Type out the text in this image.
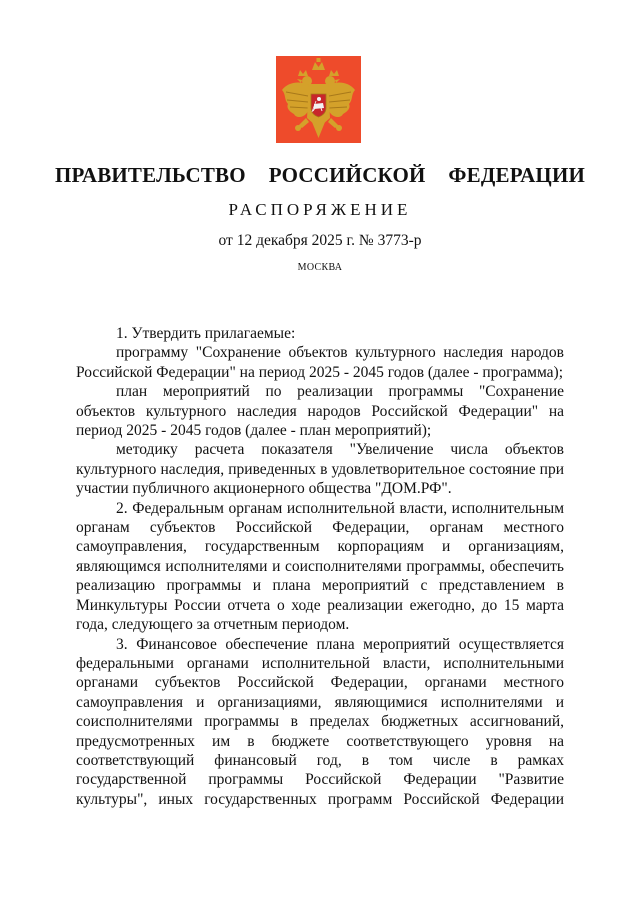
ПРАВИТЕЛЬСТВО  РОССИЙСКОЙ  ФЕДЕРАЦИИ
РАСПОРЯЖЕНИЕ
от 12 декабря 2025 г. № 3773-р
МОСКВА

1. Утвердить прилагаемые:

программу "Сохранение объектов культурного наследия народов Российской Федерации" на период 2025 - 2045 годов (далее - программа);

план мероприятий по реализации программы "Сохранение объектов культурного наследия народов Российской Федерации" на период 2025 - 2045 годов (далее - план мероприятий);

методику расчета показателя "Увеличение числа объектов культурного наследия, приведенных в удовлетворительное состояние при участии публичного акционерного общества "ДОМ.РФ".

2. Федеральным органам исполнительной власти, исполнительным органам субъектов Российской Федерации, органам местного самоуправления, государственным корпорациям и организациям, являющимся исполнителями и соисполнителями программы, обеспечить реализацию программы и плана мероприятий с представлением в Минкультуры России отчета о ходе реализации ежегодно, до 15 марта года, следующего за отчетным периодом.

3. Финансовое обеспечение плана мероприятий осуществляется федеральными органами исполнительной власти, исполнительными органами субъектов Российской Федерации, органами местного самоуправления и организациями, являющимися исполнителями и соисполнителями программы в пределах бюджетных ассигнований, предусмотренных им в бюджете соответствующего уровня на соответствующий финансовый год, в том числе в рамках государственной программы Российской Федерации "Развитие культуры", иных государственных программ Российской Федерации
